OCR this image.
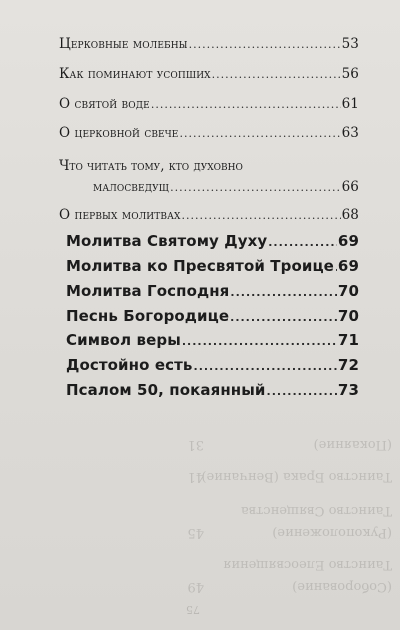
Церковные молебны .....	53
Как поминают усопших .....	56
О святой воде .....	61
О церковной свече .....	63
Что читать тому, кто духовно
малосведущ .....	66
О первых молитвах .....	68
Молитва Святому Духу .....	69
Молитва ко Пресвятой Троице ..... 69
Молитва Господня .....	70
Песнь Богородице .....	70
Символ веры .....	71
Достойно есть .....	72
Псалом 50, покаянный .....	73
(Соборование)
Таинство Елеосвящения
(Рукоположение)
Таинство Священства
Таинство Брака (Венчание)
(Покаяние)
49
45
41
31
75
